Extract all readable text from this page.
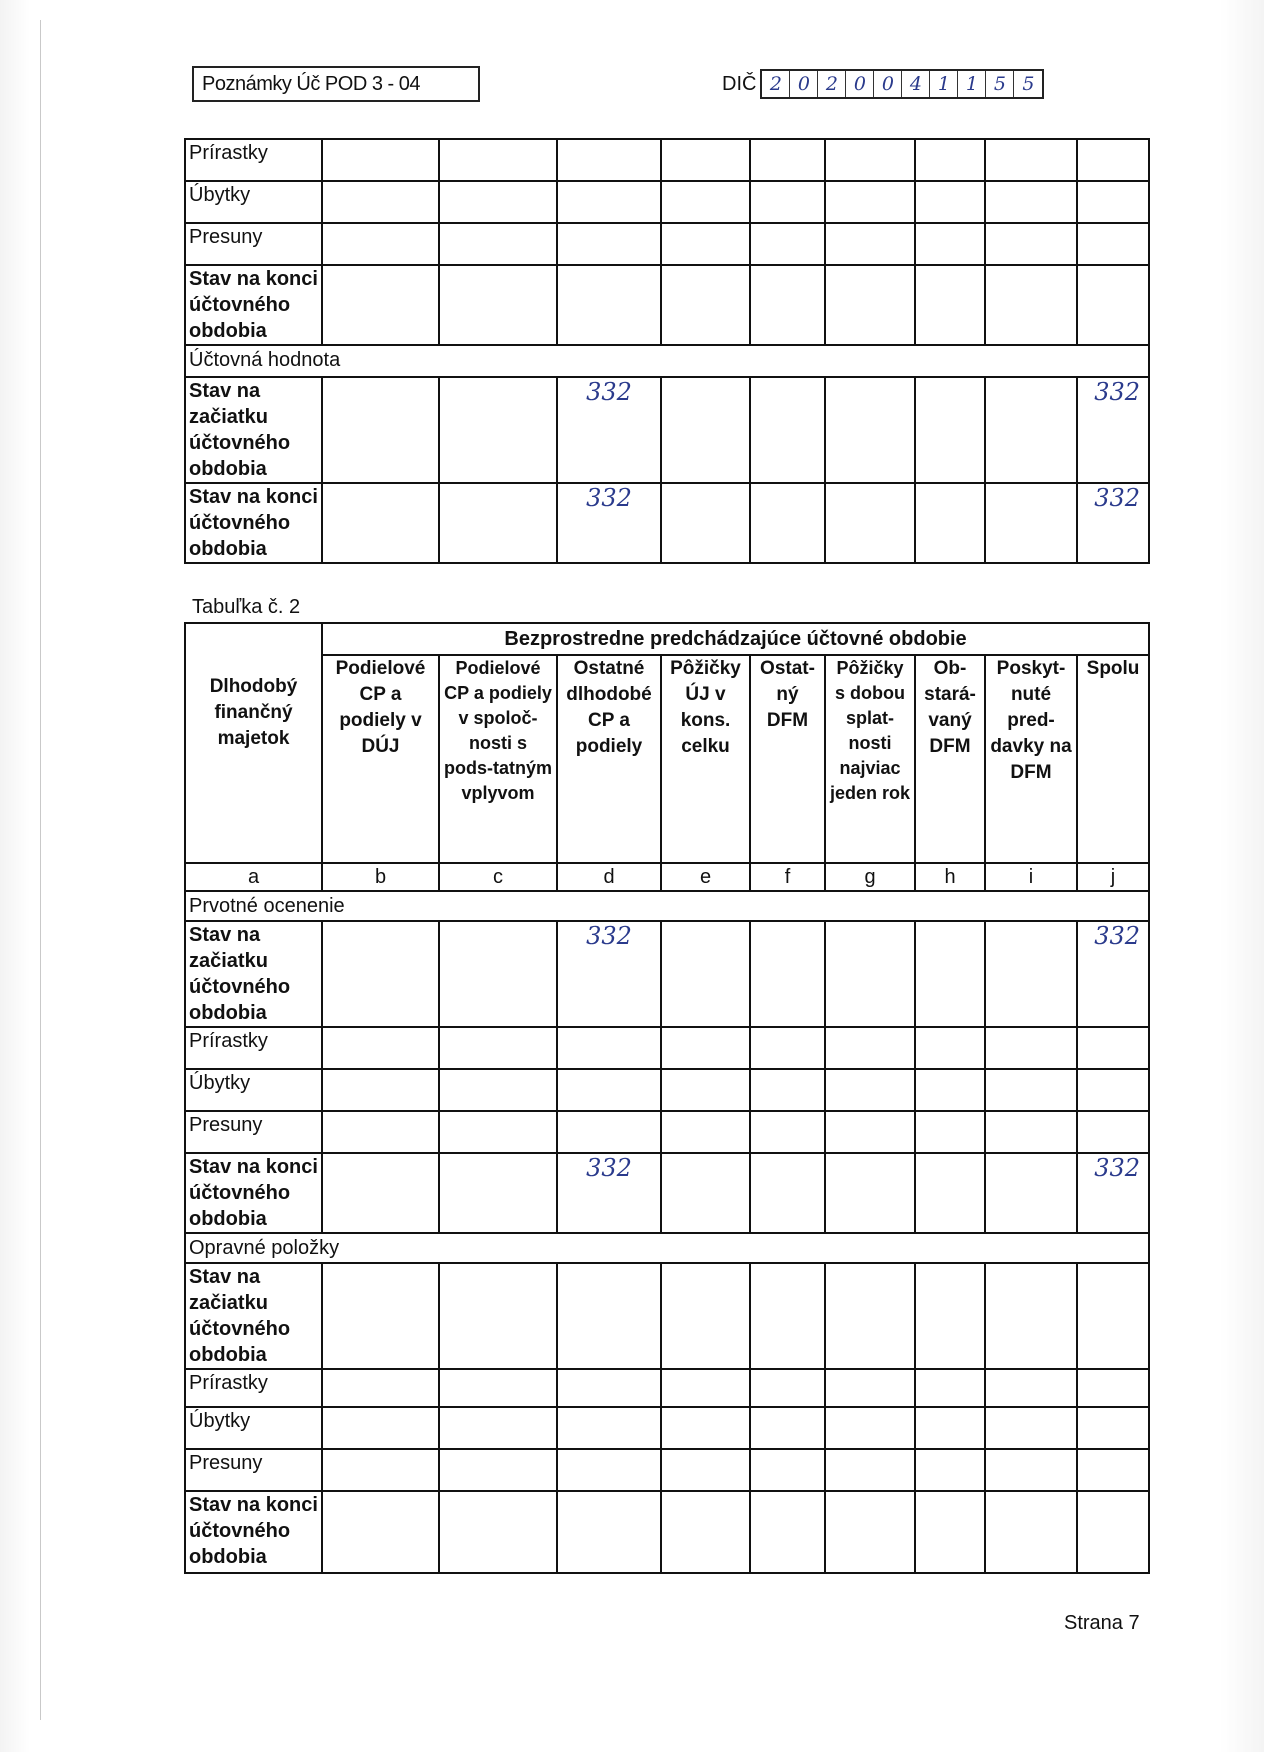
Poznámky Úč POD 3 - 04	DIČ 2 0 2 0 0 4 1 1 5 5
Prírastky									
Úbytky									
Presuny									
Stav na konci účtovného obdobia									
Účtovná hodnota									
Stav na začiatku účtovného obdobia			332						332
Stav na konci účtovného obdobia			332						332
Tabuľka č. 2
Dlhodobý finančný majetok	Bezprostredne predchádzajúce účtovné obdobie								
	Podielové CP a podiely v DÚJ	Podielové CP a podiely v spoloč-nosti s pods-tatným vplyvom	Ostatné dlhodobé CP a podiely	Pôžičky ÚJ v kons. celku	Ostat-ný DFM	Pôžičky s dobou splat-nosti najviac jeden rok	Ob-stará-vaný DFM	Poskyt-nuté pred-davky na DFM	Spolu
a	b	c	d	e	f	g	h	i	j
Prvotné ocenenie									
Stav na začiatku účtovného obdobia			332						332
Prírastky									
Úbytky									
Presuny									
Stav na konci účtovného obdobia			332						332
Opravné položky									
Stav na začiatku účtovného obdobia									
Prírastky									
Úbytky									
Presuny									
Stav na konci účtovného obdobia									
Strana 7
